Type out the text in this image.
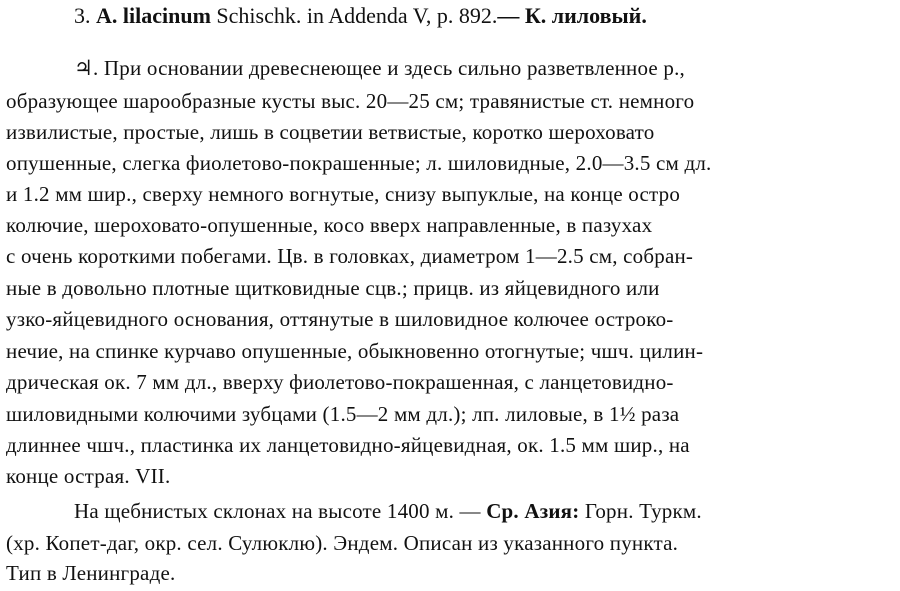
3. A. lilacinum Schischk. in Addenda V, p. 892.— К. лиловый.
♃. При основании древеснеющее и здесь сильно разветвленное р.,
образующее шарообразные кусты выс. 20—25 см; травянистые ст. немного
извилистые, простые, лишь в соцветии ветвистые, коротко шероховато
опушенные, слегка фиолетово-покрашенные; л. шиловидные, 2.0—3.5 см дл.
и 1.2 мм шир., сверху немного вогнутые, снизу выпуклые, на конце остро
колючие, шероховато-опушенные, косо вверх направленные, в пазухах
с очень короткими побегами. Цв. в головках, диаметром 1—2.5 см, собран-
ные в довольно плотные щитковидные сцв.; прицв. из яйцевидного или
узко-яйцевидного основания, оттянутые в шиловидное колючее остроко-
нечие, на спинке курчаво опушенные, обыкновенно отогнутые; чшч. цилин-
дрическая ок. 7 мм дл., вверху фиолетово-покрашенная, с ланцетовидно-
шиловидными колючими зубцами (1.5—2 мм дл.); лп. лиловые, в 1½ раза
длиннее чшч., пластинка их ланцетовидно-яйцевидная, ок. 1.5 мм шир., на
конце острая. VII.
На щебнистых склонах на высоте 1400 м. — Ср. Азия: Горн. Туркм.
(хр. Копет-даг, окр. сел. Сулюклю). Эндем. Описан из указанного пункта.
Тип в Ленинграде.
